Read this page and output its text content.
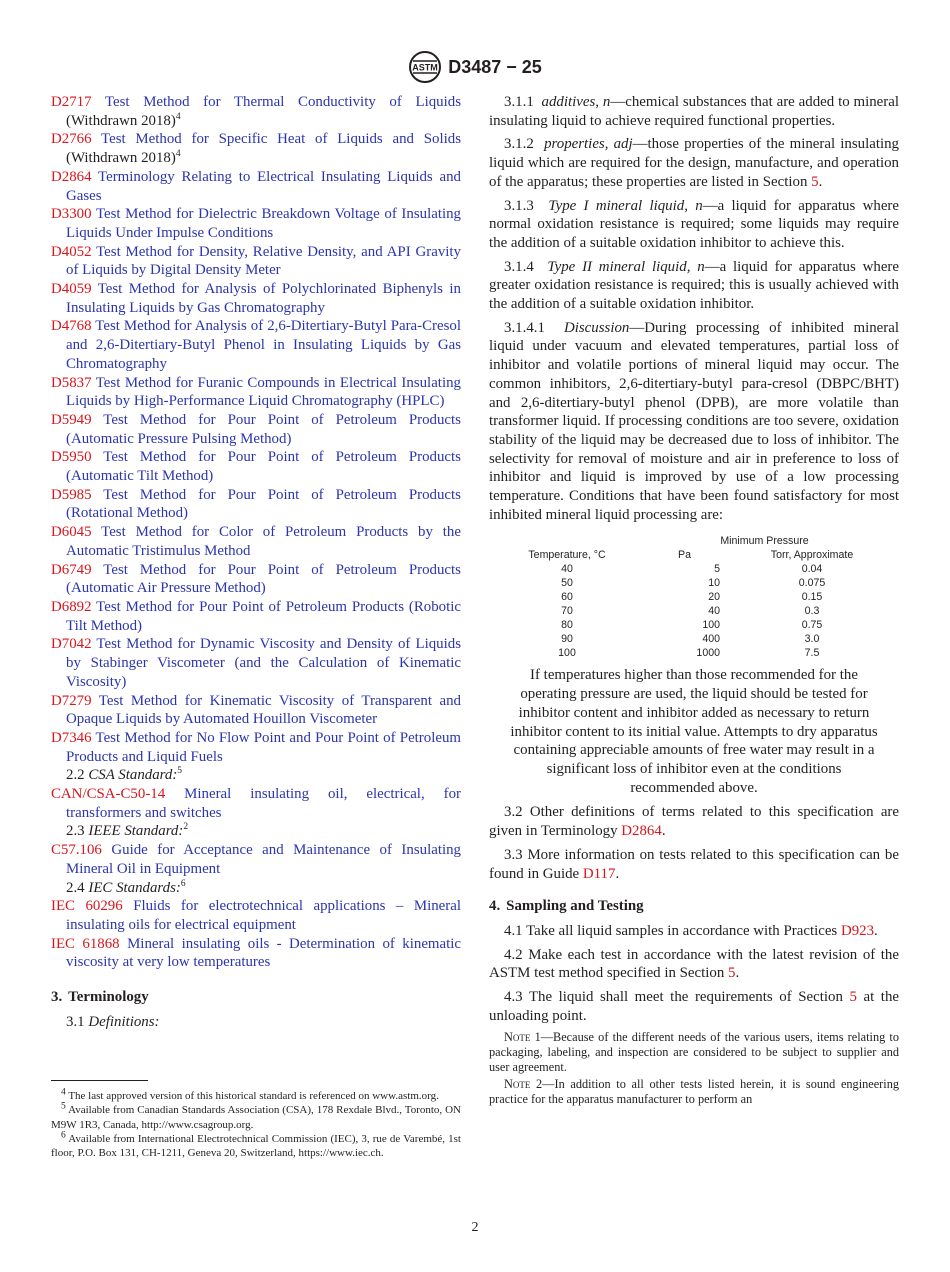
ASTM D3487 − 25
D2717 Test Method for Thermal Conductivity of Liquids (Withdrawn 2018)$^4$
D2766 Test Method for Specific Heat of Liquids and Solids (Withdrawn 2018)$^4$
D2864 Terminology Relating to Electrical Insulating Liquids and Gases
D3300 Test Method for Dielectric Breakdown Voltage of Insulating Liquids Under Impulse Conditions
D4052 Test Method for Density, Relative Density, and API Gravity of Liquids by Digital Density Meter
D4059 Test Method for Analysis of Polychlorinated Biphenyls in Insulating Liquids by Gas Chromatography
D4768 Test Method for Analysis of 2,6-Ditertiary-Butyl Para-Cresol and 2,6-Ditertiary-Butyl Phenol in Insulating Liquids by Gas Chromatography
D5837 Test Method for Furanic Compounds in Electrical Insulating Liquids by High-Performance Liquid Chromatography (HPLC)
D5949 Test Method for Pour Point of Petroleum Products (Automatic Pressure Pulsing Method)
D5950 Test Method for Pour Point of Petroleum Products (Automatic Tilt Method)
D5985 Test Method for Pour Point of Petroleum Products (Rotational Method)
D6045 Test Method for Color of Petroleum Products by the Automatic Tristimulus Method
D6749 Test Method for Pour Point of Petroleum Products (Automatic Air Pressure Method)
D6892 Test Method for Pour Point of Petroleum Products (Robotic Tilt Method)
D7042 Test Method for Dynamic Viscosity and Density of Liquids by Stabinger Viscometer (and the Calculation of Kinematic Viscosity)
D7279 Test Method for Kinematic Viscosity of Transparent and Opaque Liquids by Automated Houillon Viscometer
D7346 Test Method for No Flow Point and Pour Point of Petroleum Products and Liquid Fuels
2.2 CSA Standard:$^5$
CAN/CSA-C50-14 Mineral insulating oil, electrical, for transformers and switches
2.3 IEEE Standard:$^2$
C57.106 Guide for Acceptance and Maintenance of Insulating Mineral Oil in Equipment
2.4 IEC Standards:$^6$
IEC 60296 Fluids for electrotechnical applications – Mineral insulating oils for electrical equipment
IEC 61868 Mineral insulating oils - Determination of kinematic viscosity at very low temperatures
3. Terminology
3.1 Definitions:
4 The last approved version of this historical standard is referenced on www.astm.org.
5 Available from Canadian Standards Association (CSA), 178 Rexdale Blvd., Toronto, ON M9W 1R3, Canada, http://www.csagroup.org.
6 Available from International Electrotechnical Commission (IEC), 3, rue de Varembé, 1st floor, P.O. Box 131, CH-1211, Geneva 20, Switzerland, https://www.iec.ch.

3.1.1 additives, n—chemical substances that are added to mineral insulating liquid to achieve required functional properties.

3.1.2 properties, adj—those properties of the mineral insulating liquid which are required for the design, manufacture, and operation of the apparatus; these properties are listed in Section 5.

3.1.3 Type I mineral liquid, n—a liquid for apparatus where normal oxidation resistance is required; some liquids may require the addition of a suitable oxidation inhibitor to achieve this.

3.1.4 Type II mineral liquid, n—a liquid for apparatus where greater oxidation resistance is required; this is usually achieved with the addition of a suitable oxidation inhibitor.

3.1.4.1 Discussion—During processing of inhibited mineral liquid under vacuum and elevated temperatures, partial loss of inhibitor and volatile portions of mineral liquid may occur. The common inhibitors, 2,6-ditertiary-butyl para-cresol (DBPC/BHT) and 2,6-ditertiary-butyl phenol (DPB), are more volatile than transformer liquid. If processing conditions are too severe, oxidation stability of the liquid may be decreased due to loss of inhibitor. The selectivity for removal of moisture and air in preference to loss of inhibitor and liquid is improved by use of a low processing temperature. Conditions that have been found satisfactory for most inhibited mineral liquid processing are:

	Minimum Pressure	
Temperature, °C	Pa	Torr, Approximate
40	5	0.04
50	10	0.075
60	20	0.15
70	40	0.3
80	100	0.75
90	400	3.0
100	1000	7.5
If temperatures higher than those recommended for the operating pressure are used, the liquid should be tested for inhibitor content and inhibitor added as necessary to return inhibitor content to its initial value. Attempts to dry apparatus containing appreciable amounts of free water may result in a significant loss of inhibitor even at the conditions recommended above.

3.2 Other definitions of terms related to this specification are given in Terminology D2864.

3.3 More information on tests related to this specification can be found in Guide D117.

4. Sampling and Testing

4.1 Take all liquid samples in accordance with Practices D923.

4.2 Make each test in accordance with the latest revision of the ASTM test method specified in Section 5.

4.3 The liquid shall meet the requirements of Section 5 at the unloading point.

Note 1—Because of the different needs of the various users, items relating to packaging, labeling, and inspection are considered to be subject to supplier and user agreement.

Note 2—In addition to all other tests listed herein, it is sound engineering practice for the apparatus manufacturer to perform an

2
